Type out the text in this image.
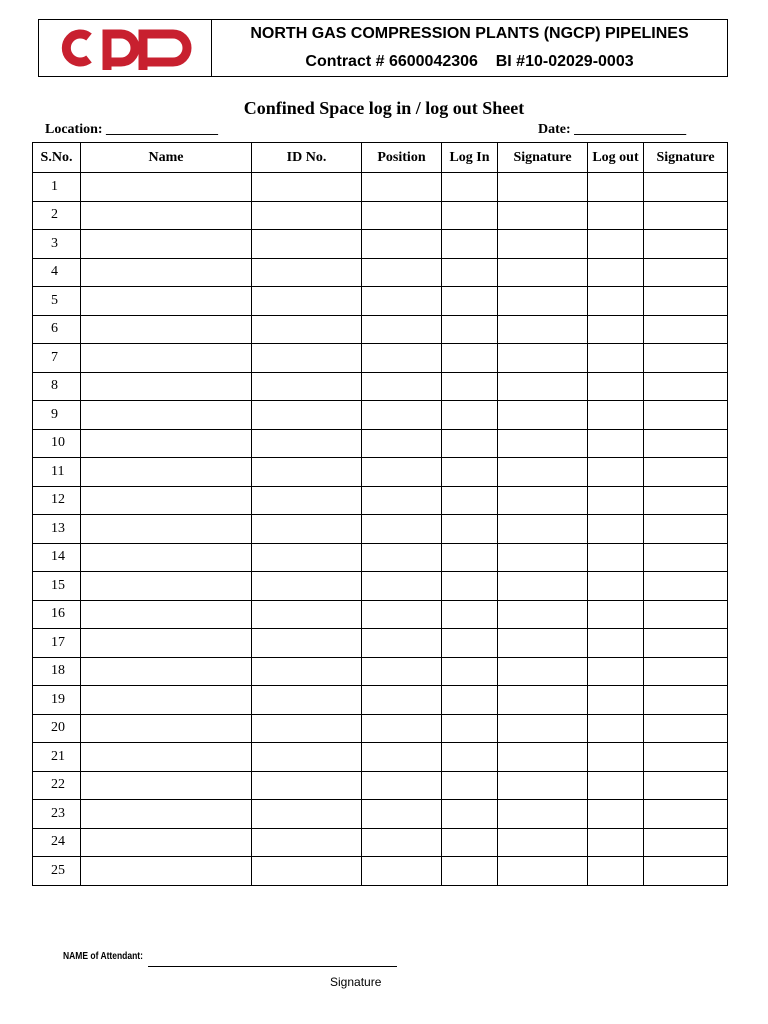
NORTH GAS COMPRESSION PLANTS (NGCP) PIPELINES
Contract # 6600042306    BI #10-02029-0003
Confined Space log in / log out Sheet
Location: ________________	Date: ________________
S.No.	Name	ID No.	Position	Log In	Signature	Log out	Signature
1							
2							
3							
4							
5							
6							
7							
8							
9							
10							
11							
12							
13							
14							
15							
16							
17							
18							
19							
20							
21							
22							
23							
24							
25							
NAME of Attendant:
Signature
